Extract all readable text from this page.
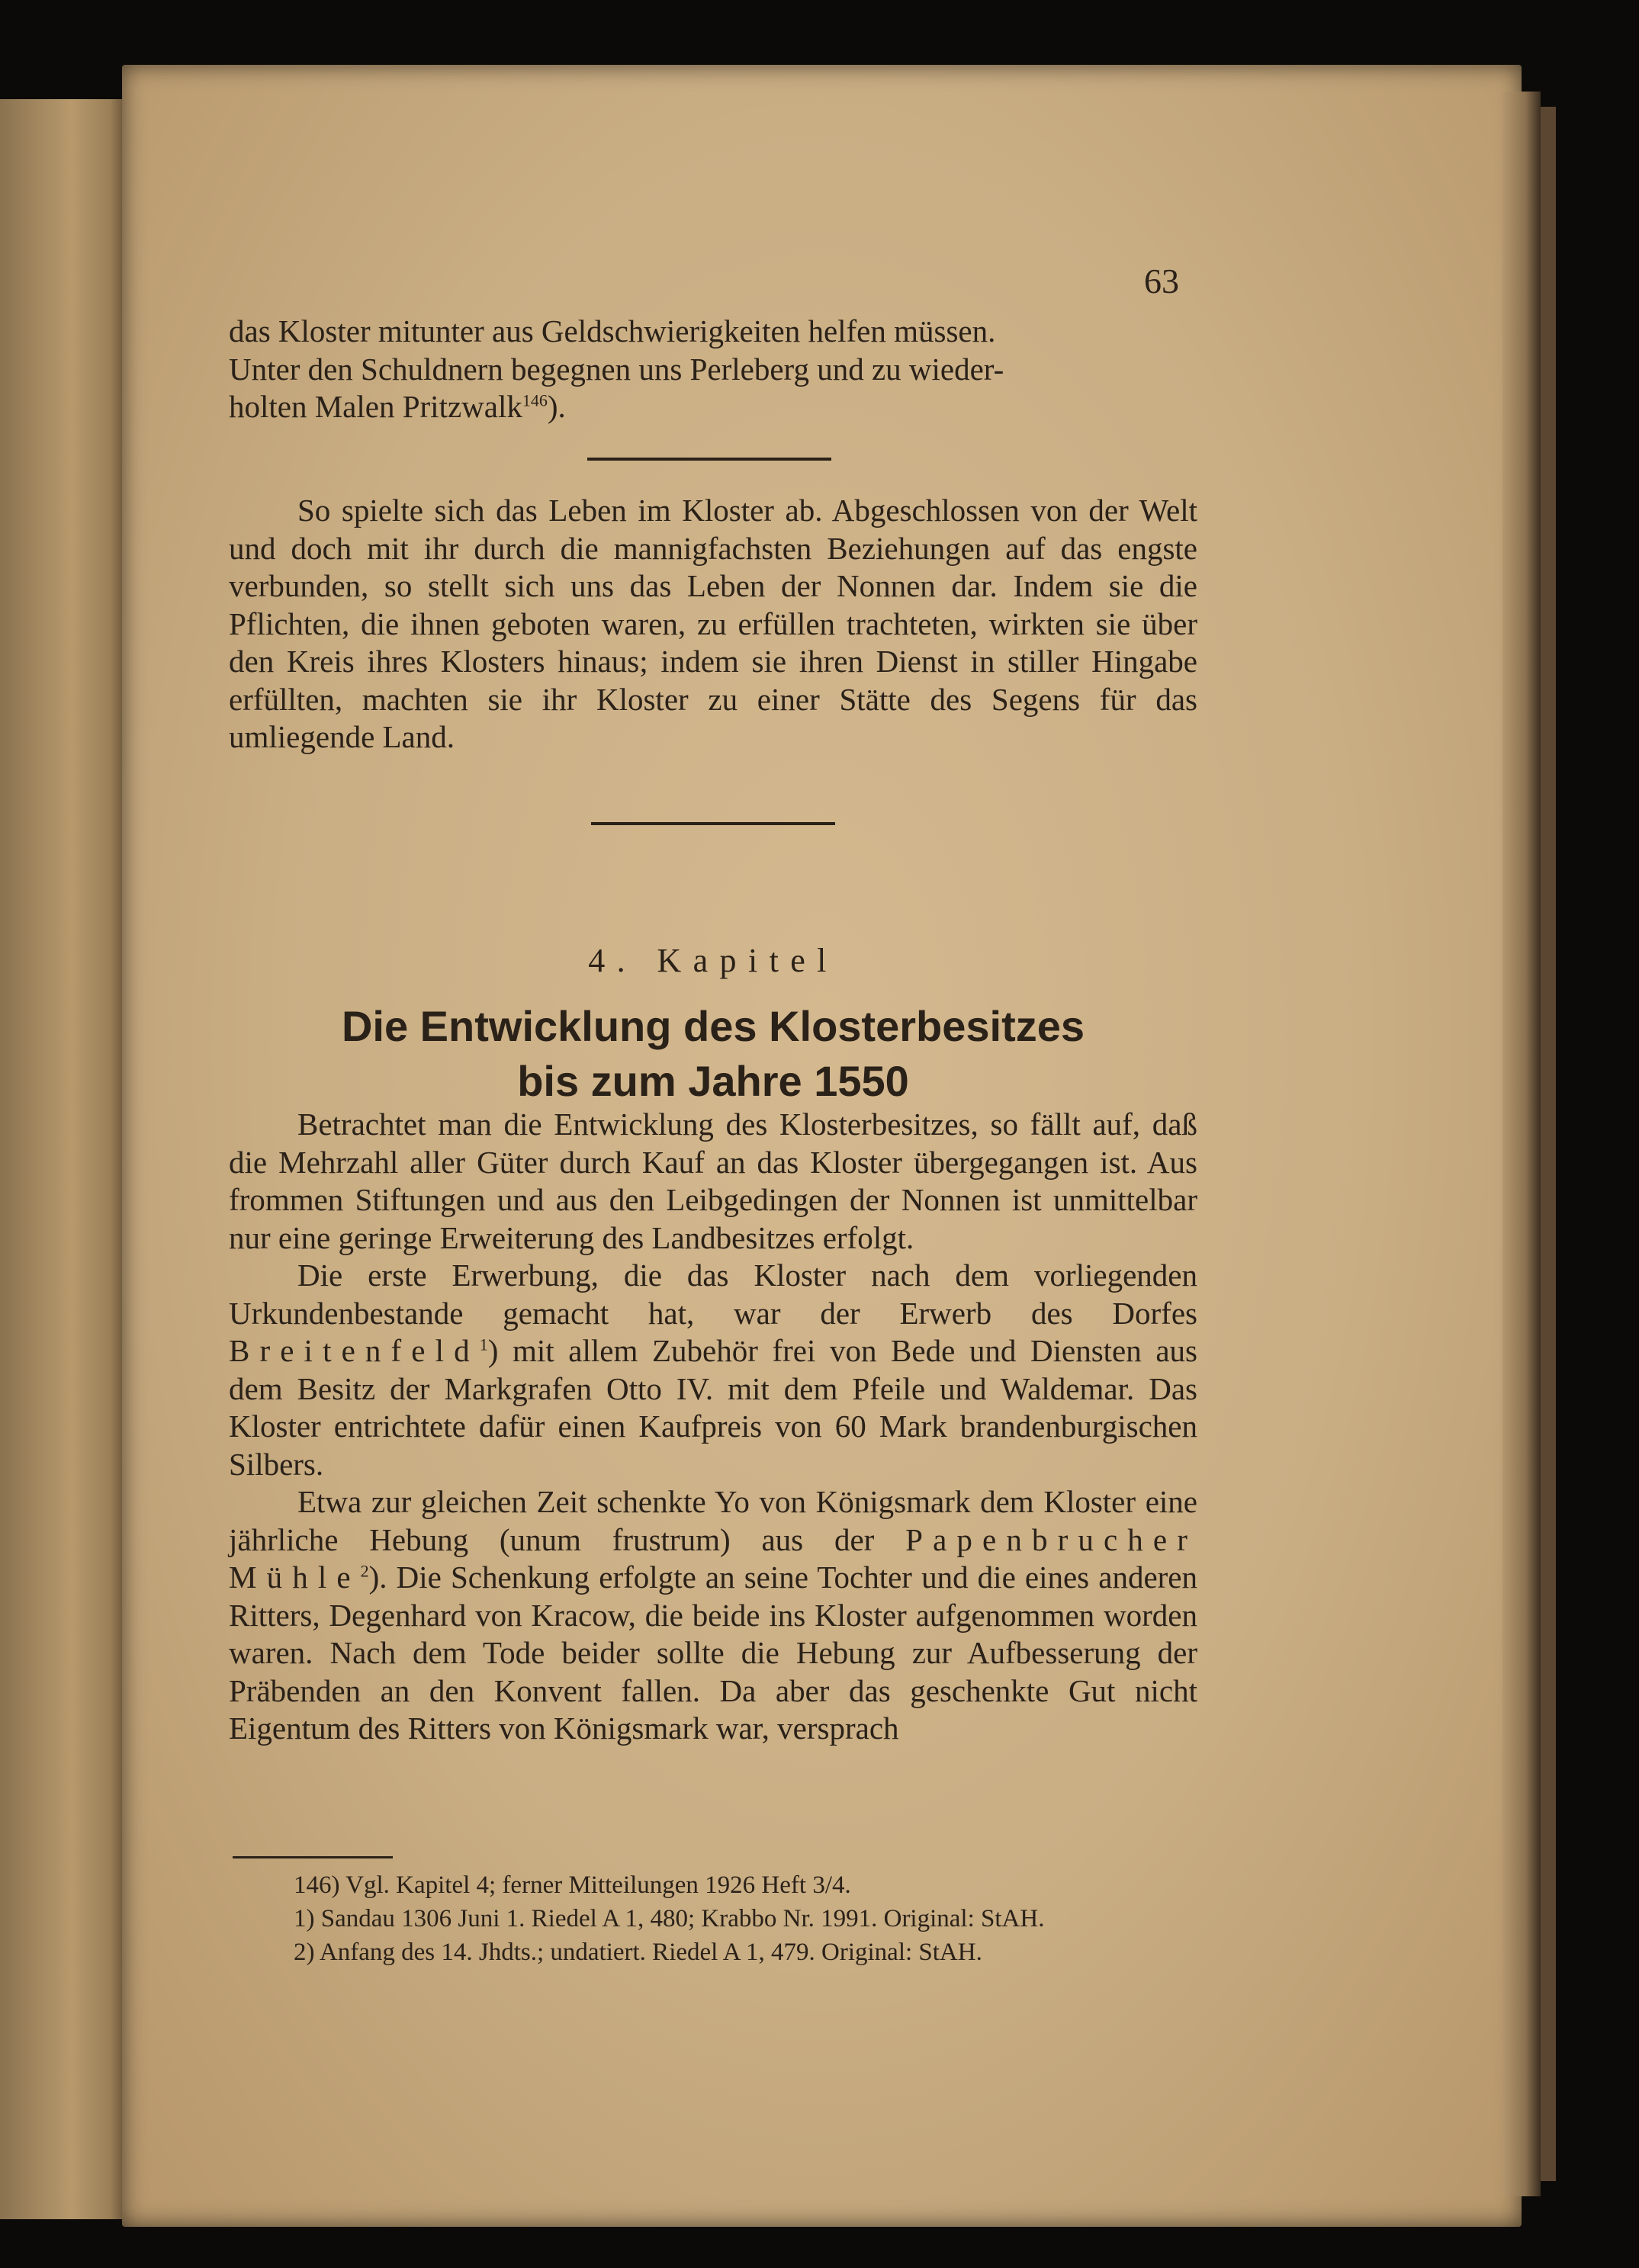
63

das Kloster mitunter aus Geldschwierigkeiten helfen müssen.

Unter den Schuldnern begegnen uns Perleberg und zu wieder-

holten Malen Pritzwalk$^{146}$).

So spielte sich das Leben im Kloster ab. Abgeschlossen von der Welt und doch mit ihr durch die mannigfachsten Beziehungen auf das engste verbunden, so stellt sich uns das Leben der Nonnen dar. Indem sie die Pflichten, die ihnen geboten waren, zu erfüllen trachteten, wirkten sie über den Kreis ihres Klosters hinaus; indem sie ihren Dienst in stiller Hingabe erfüllten, machten sie ihr Kloster zu einer Stätte des Segens für das umliegende Land.

4. Kapitel
Die Entwicklung des Klosterbesitzes
bis zum Jahre 1550

Betrachtet man die Entwicklung des Klosterbesitzes, so fällt auf, daß die Mehrzahl aller Güter durch Kauf an das Kloster übergegangen ist. Aus frommen Stiftungen und aus den Leibgedingen der Nonnen ist unmittelbar nur eine geringe Erweiterung des Landbesitzes erfolgt.

Die erste Erwerbung, die das Kloster nach dem vorliegenden Urkundenbestande gemacht hat, war der Erwerb des Dorfes Breitenfeld$^1$) mit allem Zubehör frei von Bede und Diensten aus dem Besitz der Markgrafen Otto IV. mit dem Pfeile und Waldemar. Das Kloster entrichtete dafür einen Kaufpreis von 60 Mark brandenburgischen Silbers.

Etwa zur gleichen Zeit schenkte Yo von Königsmark dem Kloster eine jährliche Hebung (unum frustrum) aus der Papenbrucher Mühle$^2$). Die Schenkung erfolgte an seine Tochter und die eines anderen Ritters, Degenhard von Kracow, die beide ins Kloster aufgenommen worden waren. Nach dem Tode beider sollte die Hebung zur Aufbesserung der Präbenden an den Konvent fallen. Da aber das geschenkte Gut nicht Eigentum des Ritters von Königsmark war, versprach

146) Vgl. Kapitel 4; ferner Mitteilungen 1926 Heft 3/4.

1) Sandau 1306 Juni 1. Riedel A 1, 480; Krabbo Nr. 1991. Original: StAH.

2) Anfang des 14. Jhdts.; undatiert. Riedel A 1, 479. Original: StAH.
